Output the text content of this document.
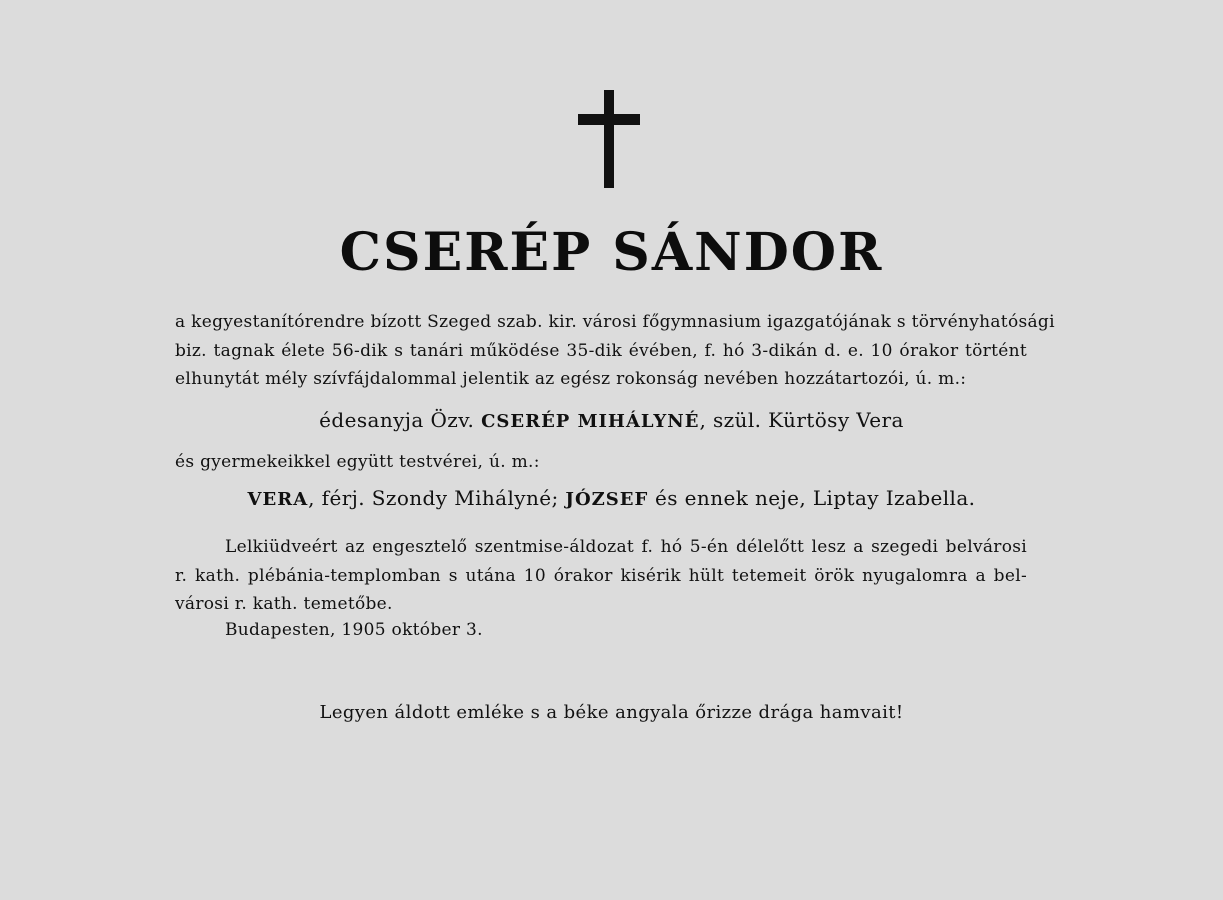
CSERÉP SÁNDOR
a kegyestanítórendre bízott Szeged szab. kir. városi főgymnasium igazgatójának s törvényhatósági
biz. tagnak élete 56-dik s tanári működése 35-dik évében, f. hó 3-dikán d. e. 10 órakor történt
elhunytát mély szívfájdalommal jelentik az egész rokonság nevében hozzátartozói, ú. m.:
édesanyja Özv. CSERÉP MIHÁLYNÉ, szül. Kürtösy Vera
és gyermekeikkel együtt testvérei, ú. m.:
VERA, férj. Szondy Mihályné; JÓZSEF és ennek neje, Liptay Izabella.
Lelkiüdveért az engesztelő szentmise-áldozat f. hó 5-én délelőtt lesz a szegedi belvárosi
r. kath. plébánia-templomban s utána 10 órakor kisérik hült tetemeit örök nyugalomra a bel-
városi r. kath. temetőbe.
Budapesten, 1905 október 3.
Legyen áldott emléke s a béke angyala őrizze drága hamvait!
